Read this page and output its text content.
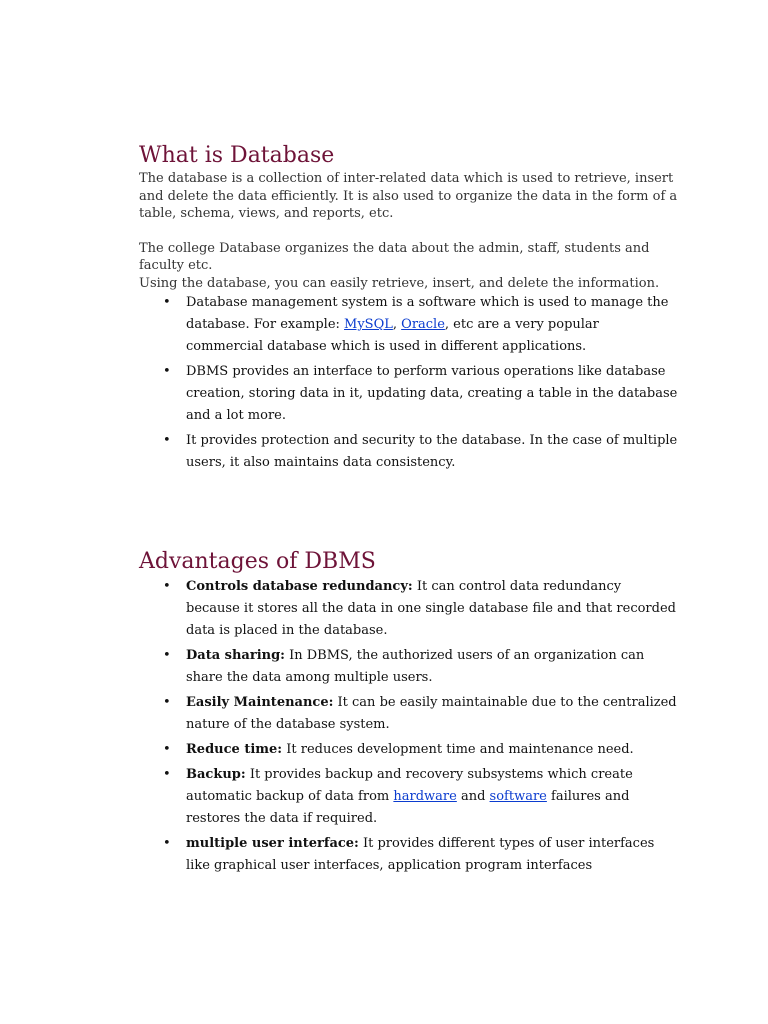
What is Database

The database is a collection of inter-related data which is used to retrieve, insert and delete the data efficiently. It is also used to organize the data in the form of a table, schema, views, and reports, etc.

The college Database organizes the data about the admin, staff, students and faculty etc.

Using the database, you can easily retrieve, insert, and delete the information.

• Database management system is a software which is used to manage the database. For example: MySQL, Oracle, etc are a very popular commercial database which is used in different applications.
• DBMS provides an interface to perform various operations like database creation, storing data in it, updating data, creating a table in the database and a lot more.
• It provides protection and security to the database. In the case of multiple users, it also maintains data consistency.
Advantages of DBMS
• Controls database redundancy: It can control data redundancy because it stores all the data in one single database file and that recorded data is placed in the database.
• Data sharing: In DBMS, the authorized users of an organization can share the data among multiple users.
• Easily Maintenance: It can be easily maintainable due to the centralized nature of the database system.
• Reduce time: It reduces development time and maintenance need.
• Backup: It provides backup and recovery subsystems which create automatic backup of data from hardware and software failures and restores the data if required.
• multiple user interface: It provides different types of user interfaces like graphical user interfaces, application program interfaces
